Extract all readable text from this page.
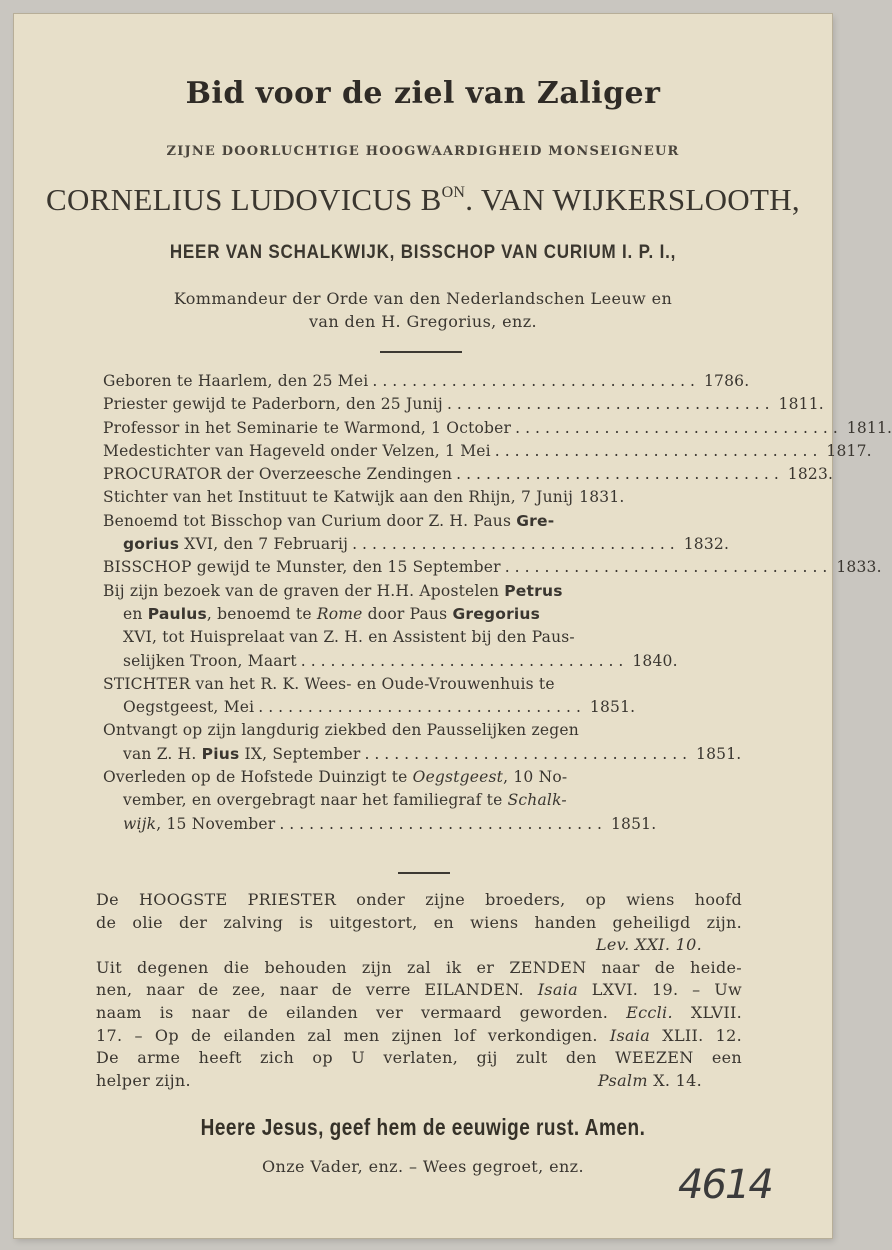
Bid voor de ziel van Zaliger
ZIJNE DOORLUCHTIGE HOOGWAARDIGHEID MONSEIGNEUR
CORNELIUS LUDOVICUS $B^{ON}$. VAN WIJKERSLOOTH,
HEER VAN SCHALKWIJK, BISSCHOP VAN CURIUM I. P. I.,
Kommandeur der Orde van den Nederlandschen Leeuw en
van den H. Gregorius, enz.
Geboren te Haarlem, den 25 Mei ................................. 1786.
Priester gewijd te Paderborn, den 25 Junij ................................. 1811.
Professor in het Seminarie te Warmond, 1 October ................................. 1811.
Medestichter van Hageveld onder Velzen, 1 Mei ................................. 1817.
PROCURATOR der Overzeesche Zendingen ................................. 1823.
Stichter van het Instituut te Katwijk aan den Rhijn, 7 Junij 1831.
Benoemd tot Bisschop van Curium door Z. H. Paus Gre-
gorius XVI, den 7 Februarij ................................. 1832.
BISSCHOP gewijd te Munster, den 15 September ................................. 1833.
Bij zijn bezoek van de graven der H.H. Apostelen Petrus
en Paulus, benoemd te Rome door Paus Gregorius
XVI, tot Huisprelaat van Z. H. en Assistent bij den Paus-
selijken Troon, Maart ................................. 1840.
STICHTER van het R. K. Wees- en Oude-Vrouwenhuis te
Oegstgeest, Mei ................................. 1851.
Ontvangt op zijn langdurig ziekbed den Pausselijken zegen
van Z. H. Pius IX, September ................................. 1851.
Overleden op de Hofstede Duinzigt te Oegstgeest, 10 No-
vember, en overgebragt naar het familiegraf te Schalk-
wijk, 15 November ................................. 1851.
De HOOGSTE PRIESTER onder zijne broeders, op wiens hoofd
de olie der zalving is uitgestort, en wiens handen geheiligd zijn.
Lev. XXI. 10.
Uit degenen die behouden zijn zal ik er ZENDEN naar de heide-
nen, naar de zee, naar de verre EILANDEN. Isaia LXVI. 19. – Uw
naam is naar de eilanden ver vermaard geworden. Eccli. XLVII.
17. – Op de eilanden zal men zijnen lof verkondigen. Isaia XLII. 12.
De arme heeft zich op U verlaten, gij zult den WEEZEN een
helper zijn.	Psalm X. 14.
Heere Jesus, geef hem de eeuwige rust. Amen.
Onze Vader, enz. – Wees gegroet, enz.	4614
